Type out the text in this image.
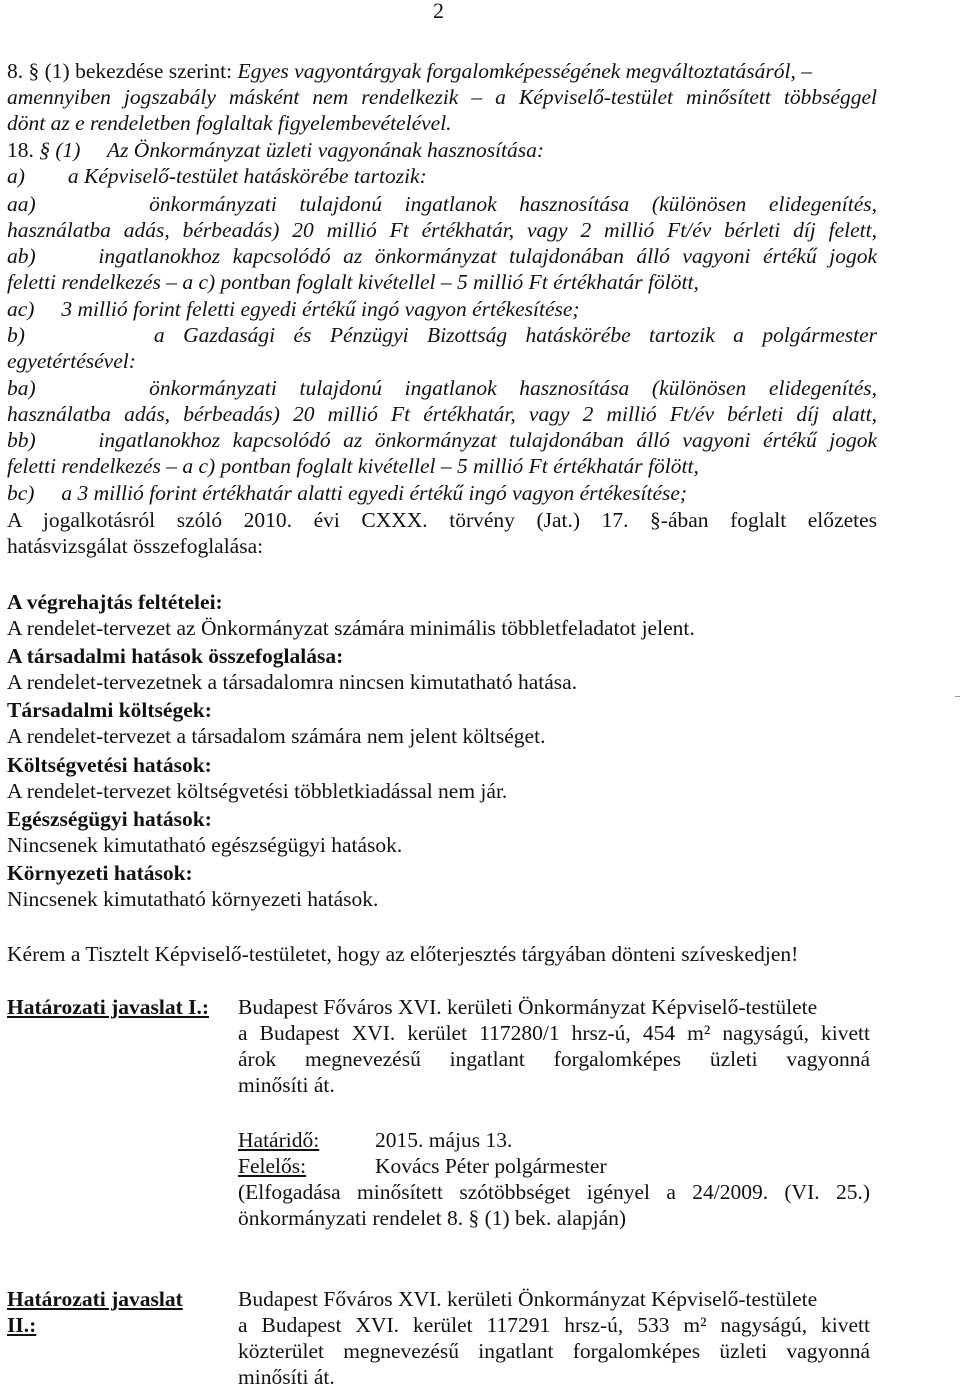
2
8. § (1) bekezdése szerint: Egyes vagyontárgyak forgalomképességének megváltoztatásáról, –
amennyiben jogszabály másként nem rendelkezik – a Képviselő-testület minősített többséggel
dönt az e rendeletben foglaltak figyelembevételével.
18. § (1)     Az Önkormányzat üzleti vagyonának hasznosítása:
a)        a Képviselő-testület hatáskörébe tartozik:
aa)     önkormányzati tulajdonú ingatlanok hasznosítása (különösen elidegenítés,
használatba adás, bérbeadás) 20 millió Ft értékhatár, vagy 2 millió Ft/év bérleti díj felett,
ab)     ingatlanokhoz kapcsolódó az önkormányzat tulajdonában álló vagyoni értékű jogok
feletti rendelkezés – a c) pontban foglalt kivétellel – 5 millió Ft értékhatár fölött,
ac)     3 millió forint feletti egyedi értékű ingó vagyon értékesítése;
b)       a Gazdasági és Pénzügyi Bizottság hatáskörébe tartozik a polgármester
egyetértésével:
ba)     önkormányzati tulajdonú ingatlanok hasznosítása (különösen elidegenítés,
használatba adás, bérbeadás) 20 millió Ft értékhatár, vagy 2 millió Ft/év bérleti díj alatt,
bb)     ingatlanokhoz kapcsolódó az önkormányzat tulajdonában álló vagyoni értékű jogok
feletti rendelkezés – a c) pontban foglalt kivétellel – 5 millió Ft értékhatár fölött,
bc)     a 3 millió forint értékhatár alatti egyedi értékű ingó vagyon értékesítése;
A jogalkotásról szóló 2010. évi CXXX. törvény (Jat.) 17. §-ában foglalt előzetes
hatásvizsgálat összefoglalása:
A végrehajtás feltételei:
A rendelet-tervezet az Önkormányzat számára minimális többletfeladatot jelent.
A társadalmi hatások összefoglalása:
A rendelet-tervezetnek a társadalomra nincsen kimutatható hatása.
Társadalmi költségek:
A rendelet-tervezet a társadalom számára nem jelent költséget.
Költségvetési hatások:
A rendelet-tervezet költségvetési többletkiadással nem jár.
Egészségügyi hatások:
Nincsenek kimutatható egészségügyi hatások.
Környezeti hatások:
Nincsenek kimutatható környezeti hatások.
Kérem a Tisztelt Képviselő-testületet, hogy az előterjesztés tárgyában dönteni szíveskedjen!
Határozati javaslat I.: Budapest Főváros XVI. kerületi Önkormányzat Képviselő-testülete
a Budapest XVI. kerület 117280/1 hrsz-ú, 454 m² nagyságú, kivett
árok megnevezésű ingatlant forgalomképes üzleti vagyonná
minősíti át.
Határidő:	2015. május 13.
Felelős:	Kovács Péter polgármester
(Elfogadása minősített szótöbbséget igényel a 24/2009. (VI. 25.)
önkormányzati rendelet 8. § (1) bek. alapján)
Határozati javaslat
II.:
Budapest Főváros XVI. kerületi Önkormányzat Képviselő-testülete
a Budapest XVI. kerület 117291 hrsz-ú, 533 m² nagyságú, kivett
közterület megnevezésű ingatlant forgalomképes üzleti vagyonná
minősíti át.
